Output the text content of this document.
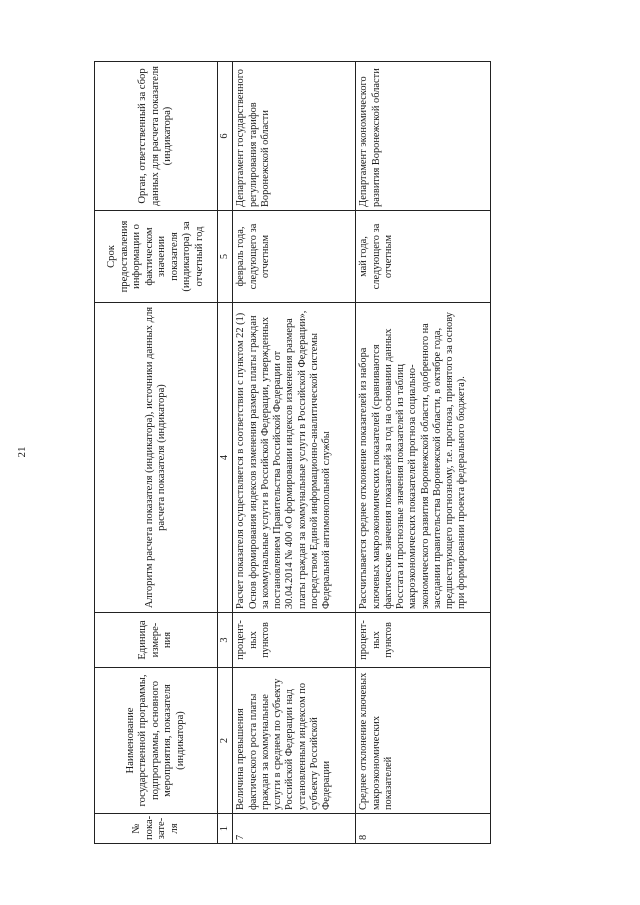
21
№ пока-зате-ля	Наименование государственной программы, подпрограммы, основного мероприятия, показателя (индикатора)	Единица измере-ния	Алгоритм расчета показателя (индикатора), источники данных для расчета показателя (индикатора)	Срок предоставления информации о фактическом значении показателя (индикатора) за отчетный год	Орган, ответственный за сбор данных для расчета показателя (индикатора)
1	2	3	4	5	6
7	Величина превышения фактического роста платы граждан за коммунальные услуги в среднем по субъекту Российской Федерации над установленным индексом по субъекту Российской Федерации	процент-ных пунктов	Расчет показателя осуществляется в соответствии с пунктом 22 (1) Основ формирования индексов изменения размера платы граждан за коммунальные услуги в Российской Федерации, утвержденных постановлением Правительства Российской Федерации от 30.04.2014 № 400 «О формировании индексов изменения размера платы граждан за коммунальные услуги в Российской Федерации», посредством Единой информационно-аналитической системы Федеральной антимонопольной службы	февраль года, следующего за отчетным	Департамент государственного регулирования тарифов Воронежской области
8	Среднее отклонение ключевых макроэкономических показателей	процент-ных пунктов	Рассчитывается среднее отклонение показателей из набора ключевых макроэкономических показателей (сравниваются фактические значения показателей за год на основании данных Росстата и прогнозные значения показателей из таблиц макроэкономических показателей прогноза социально-экономического развития Воронежской области, одобренного на заседании правительства Воронежской области, в октябре года, предшествующего прогнозному, т.е. прогноза, принятого за основу при формировании проекта федерального бюджета).	май года, следующего за отчетным	Департамент экономического развития Воронежской области
